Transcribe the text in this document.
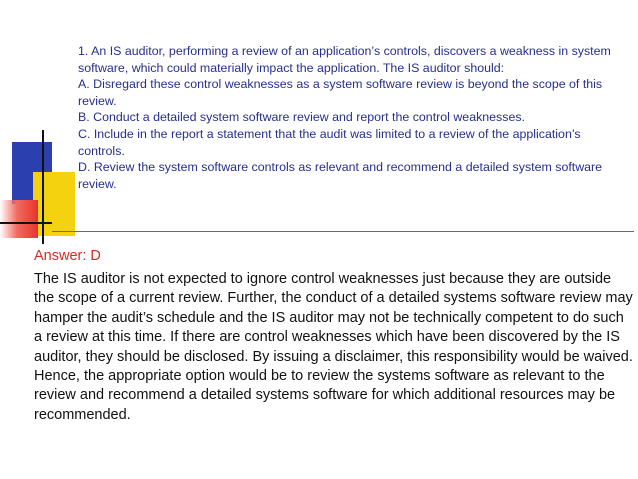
1. An IS auditor, performing a review of an application’s controls, discovers a weakness in system software, which could materially impact the application. The IS auditor should:

A. Disregard these control weaknesses as a system software review is beyond the scope of this review.

B. Conduct a detailed system software review and report the control weaknesses.

C. Include in the report a statement that the audit was limited to a review of the application’s controls.

D. Review the system software controls as relevant and recommend a detailed system software review.

Answer: D

The IS auditor is not expected to ignore control weaknesses just because they are outside the scope of a current review. Further, the conduct of a detailed systems software review may hamper the audit’s schedule and the IS auditor may not be technically competent to do such a review at this time. If there are control weaknesses which have been discovered by the IS auditor, they should be disclosed. By issuing a disclaimer, this responsibility would be waived. Hence, the appropriate option would be to review the systems software as relevant to the review and recommend a detailed systems software for which additional resources may be recommended.
